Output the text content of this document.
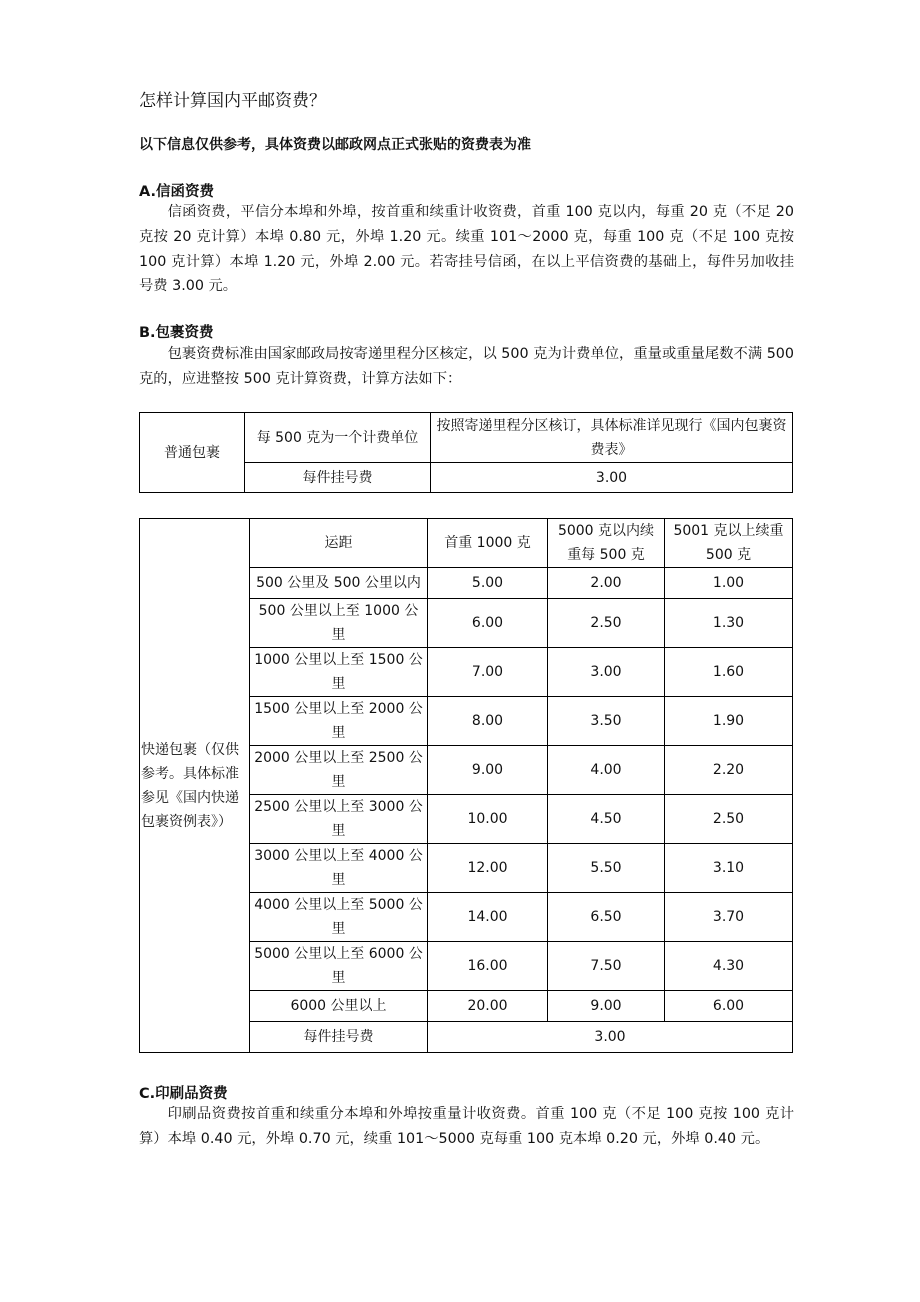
怎样计算国内平邮资费？
以下信息仅供参考，具体资费以邮政网点正式张贴的资费表为准
A.信函资费
信函资费，平信分本埠和外埠，按首重和续重计收资费，首重 100 克以内，每重 20 克（不足 20 克按 20 克计算）本埠 0.80 元，外埠 1.20 元。续重 101～2000 克，每重 100 克（不足 100 克按 100 克计算）本埠 1.20 元，外埠 2.00 元。若寄挂号信函，在以上平信资费的基础上，每件另加收挂号费 3.00 元。
B.包裹资费
包裹资费标准由国家邮政局按寄递里程分区核定，以 500 克为计费单位，重量或重量尾数不满 500 克的，应进整按 500 克计算资费，计算方法如下：
普通包裹	每 500 克为一个计费单位	按照寄递里程分区核订，具体标准详见现行《国内包裹资费表》
	每件挂号费	3.00
快递包裹（仅供参考。具体标准参见《国内快递包裹资例表》）	运距	首重 1000 克	5000 克以内续重每 500 克	5001 克以上续重 500 克
	500 公里及 500 公里以内	5.00	2.00	1.00
	500 公里以上至 1000 公里	6.00	2.50	1.30
	1000 公里以上至 1500 公里	7.00	3.00	1.60
	1500 公里以上至 2000 公里	8.00	3.50	1.90
	2000 公里以上至 2500 公里	9.00	4.00	2.20
	2500 公里以上至 3000 公里	10.00	4.50	2.50
	3000 公里以上至 4000 公里	12.00	5.50	3.10
	4000 公里以上至 5000 公里	14.00	6.50	3.70
	5000 公里以上至 6000 公里	16.00	7.50	4.30
	6000 公里以上	20.00	9.00	6.00
	每件挂号费	3.00		
C.印刷品资费
印刷品资费按首重和续重分本埠和外埠按重量计收资费。首重 100 克（不足 100 克按 100 克计算）本埠 0.40 元，外埠 0.70 元，续重 101～5000 克每重 100 克本埠 0.20 元，外埠 0.40 元。
